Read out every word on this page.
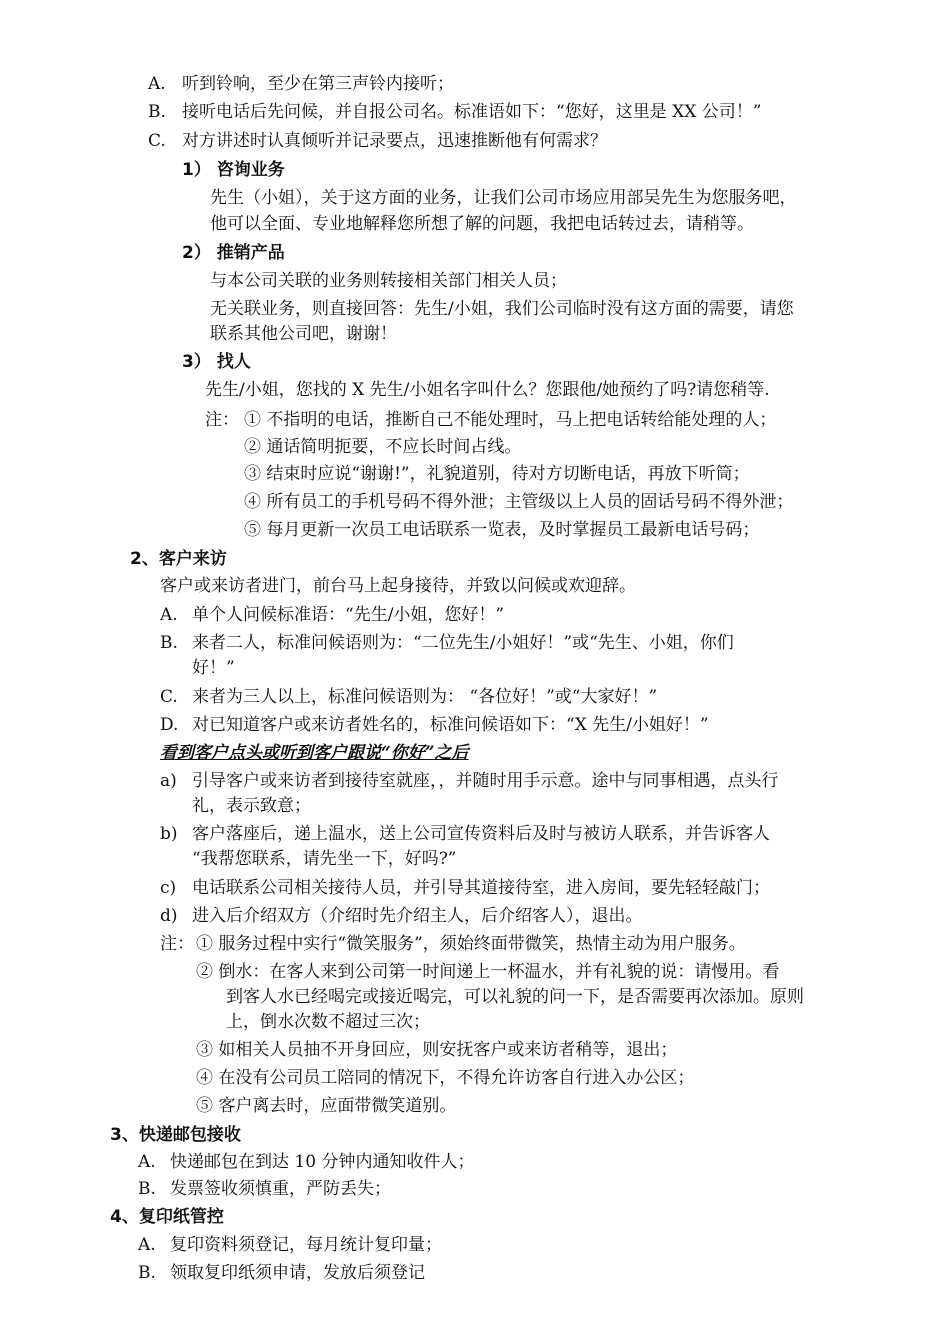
A. 听到铃响，至少在第三声铃内接听；
B. 接听电话后先问候，并自报公司名。标准语如下：“您好，这里是 XX 公司！”
C. 对方讲述时认真倾听并记录要点，迅速推断他有何需求？
1） 咨询业务
先生（小姐），关于这方面的业务，让我们公司市场应用部吴先生为您服务吧，
他可以全面、专业地解释您所想了解的问题，我把电话转过去，请稍等。
2） 推销产品
与本公司关联的业务则转接相关部门相关人员；
无关联业务，则直接回答：先生/小姐，我们公司临时没有这方面的需要，请您
联系其他公司吧，谢谢！
3） 找人
先生/小姐，您找的 X 先生/小姐名字叫什么？您跟他/她预约了吗?请您稍等.
注： ① 不指明的电话，推断自己不能处理时，马上把电话转给能处理的人；
② 通话简明扼要，不应长时间占线。
③ 结束时应说“谢谢!”，礼貌道别，待对方切断电话，再放下听筒；
④ 所有员工的手机号码不得外泄；主管级以上人员的固话号码不得外泄；
⑤ 每月更新一次员工电话联系一览表，及时掌握员工最新电话号码；
2、客户来访
客户或来访者进门，前台马上起身接待，并致以问候或欢迎辞。
A. 单个人问候标准语：“先生/小姐，您好！”
B. 来者二人，标准问候语则为：“二位先生/小姐好！”或“先生、小姐，你们
好！”
C. 来者为三人以上，标准问候语则为： “各位好！”或“大家好！”
D. 对已知道客户或来访者姓名的，标准问候语如下：“X 先生/小姐好！”
看到客户点头或听到客户跟说“你好”之后
a) 引导客户或来访者到接待室就座，，并随时用手示意。途中与同事相遇，点头行
礼，表示致意；
b) 客户落座后，递上温水，送上公司宣传资料后及时与被访人联系，并告诉客人
“我帮您联系，请先坐一下，好吗?”
c) 电话联系公司相关接待人员，并引导其道接待室，进入房间，要先轻轻敲门；
d) 进入后介绍双方（介绍时先介绍主人，后介绍客人），退出。
注： ① 服务过程中实行“微笑服务”，须始终面带微笑，热情主动为用户服务。
② 倒水：在客人来到公司第一时间递上一杯温水，并有礼貌的说：请慢用。看
到客人水已经喝完或接近喝完，可以礼貌的问一下，是否需要再次添加。原则
上，倒水次数不超过三次；
③ 如相关人员抽不开身回应，则安抚客户或来访者稍等，退出；
④ 在没有公司员工陪同的情况下，不得允许访客自行进入办公区；
⑤ 客户离去时，应面带微笑道别。
3、快递邮包接收
A. 快递邮包在到达 10 分钟内通知收件人；
B. 发票签收须慎重，严防丢失；
4、复印纸管控
A. 复印资料须登记，每月统计复印量；
B. 领取复印纸须申请，发放后须登记
